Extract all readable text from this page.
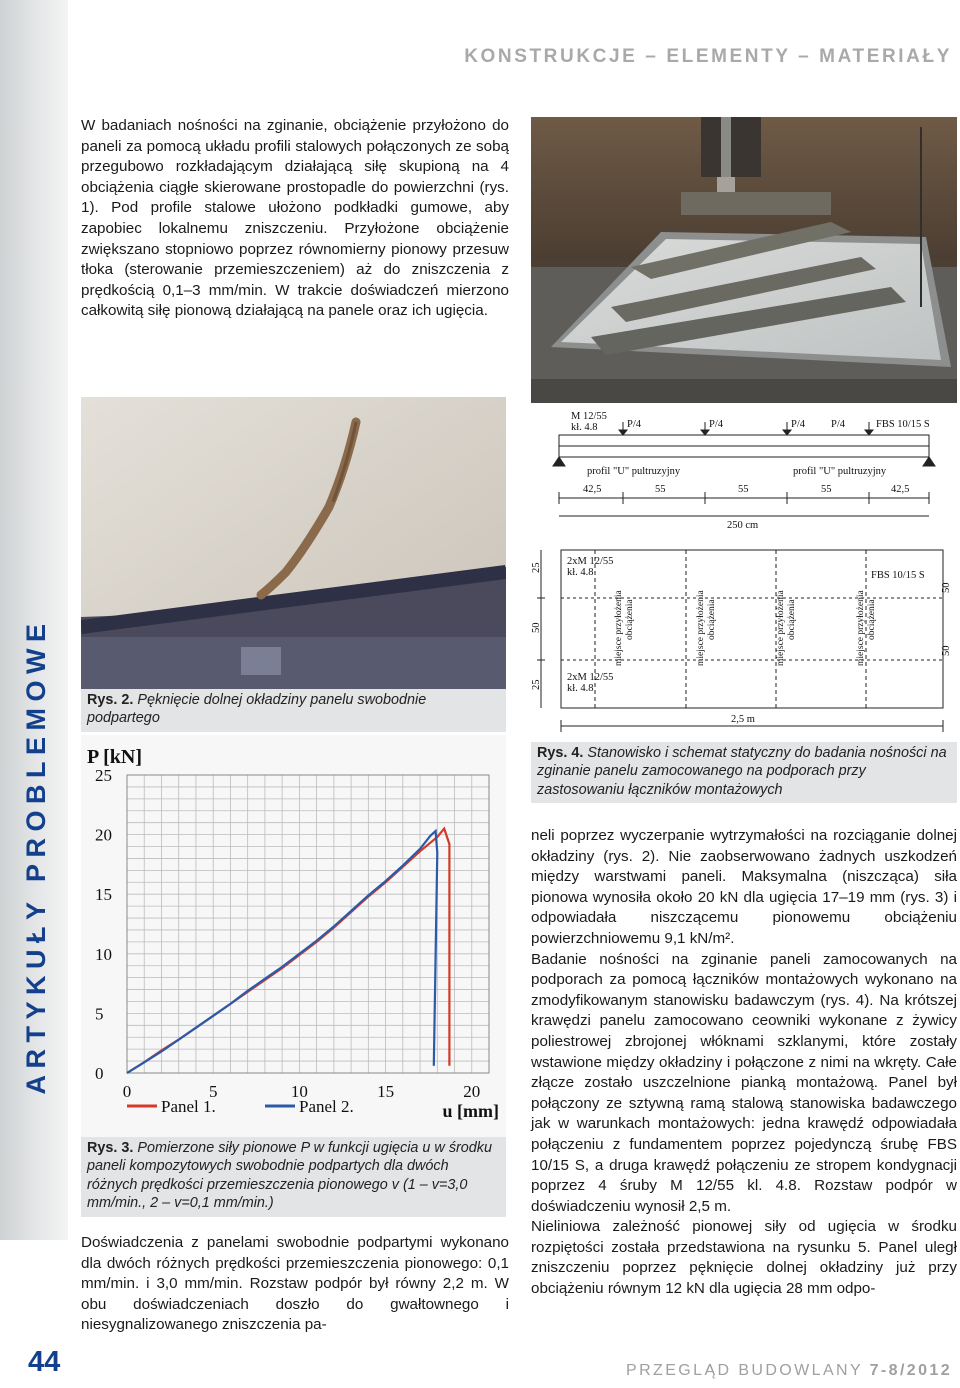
ARTYKUŁY PROBLEMOWE
KONSTRUKCJE – ELEMENTY – MATERIAŁY
W badaniach nośności na zginanie, obciążenie przyłożono do paneli za pomocą układu profili stalowych połączonych ze sobą przegubowo rozkładającym działającą siłę skupioną na 4 obciążenia ciągłe skierowane prostopadle do powierzchni (rys. 1). Pod profile stalowe ułożono podkładki gumowe, aby zapobiec lokalnemu zniszczeniu. Przyłożone obciążenie zwiększano stopniowo poprzez równomierny pionowy przesuw tłoka (sterowanie przemieszczeniem) aż do zniszczenia z prędkością 0,1–3 mm/min. W trakcie doświadczeń mierzono całkowitą siłę pionową działającą na panele oraz ich ugięcia.
Rys. 2. Pęknięcie dolnej okładziny panelu swobodnie podpartego
0
5
10
15
20
25
0	5	10	15	20
P [kN]
u [mm]
Panel 1.	Panel 2.
Rys. 3. Pomierzone siły pionowe P w funkcji ugięcia u w środku paneli kompozytowych swobodnie podpartych dla dwóch różnych prędkości przemieszczenia pionowego v (1 – v=3,0 mm/min., 2 – v=0,1 mm/min.)
Doświadczenia z panelami swobodnie podpartymi wykonano dla dwóch różnych prędkości przemieszczenia pionowego: 0,1 mm/min. i 3,0 mm/min. Rozstaw podpór był równy 2,2 m. W obu doświadczeniach doszło do gwałtownego i niesygnalizowanego zniszczenia pa-
M 12/55
kł. 4.8	P/4	P/4	P/4 P/4	FBS 10/15 S
profil "U" pultruzyjny	profil "U" pultruzyjny
42,5	55	55	55	42,5
250 cm
2xM 12/55
kł. 4.8
2xM 12/55
kł. 4.8
FBS 10/15 S
2,5 m
25
50
25
50
50
miejsce przyłożenia obciążenia	miejsce przyłożenia obciążenia	miejsce przyłożenia obciążenia	miejsce przyłożenia obciążenia
Rys. 4. Stanowisko i schemat statyczny do badania nośności na zginanie panelu zamocowanego na podporach przy zastosowaniu łączników montażowych
neli poprzez wyczerpanie wytrzymałości na rozciąganie dolnej okładziny (rys. 2). Nie zaobserwowano żadnych uszkodzeń między warstwami paneli. Maksymalna (niszcząca) siła pionowa wynosiła około 20 kN dla ugięcia 17–19 mm (rys. 3) i odpowiadała niszczącemu pionowemu obciążeniu powierzchniowemu 9,1 kN/m².
Badanie nośności na zginanie paneli zamocowanych na podporach za pomocą łączników montażowych wykonano na zmodyfikowanym stanowisku badawczym (rys. 4). Na krótszej krawędzi panelu zamocowano ceowniki wykonane z żywicy poliestrowej zbrojonej włóknami szklanymi, które zostały wstawione między okładziny i połączone z nimi na wkręty. Całe złącze zostało uszczelnione pianką montażową. Panel był połączony ze sztywną ramą stalową stanowiska badawczego jak w warunkach montażowych: jedna krawędź odpowiadała połączeniu z fundamentem poprzez pojedynczą śrubę FBS 10/15 S, a druga krawędź połączeniu ze stropem kondygnacji poprzez 4 śruby M 12/55 kl. 4.8. Rozstaw podpór w doświadczeniu wynosił 2,5 m.
Nieliniowa zależność pionowej siły od ugięcia w środku rozpiętości została przedstawiona na rysunku 5. Panel uległ zniszczeniu poprzez pęknięcie dolnej okładziny już przy obciążeniu równym 12 kN dla ugięcia 28 mm odpo-
44	PRZEGLĄD BUDOWLANY 7-8/2012
